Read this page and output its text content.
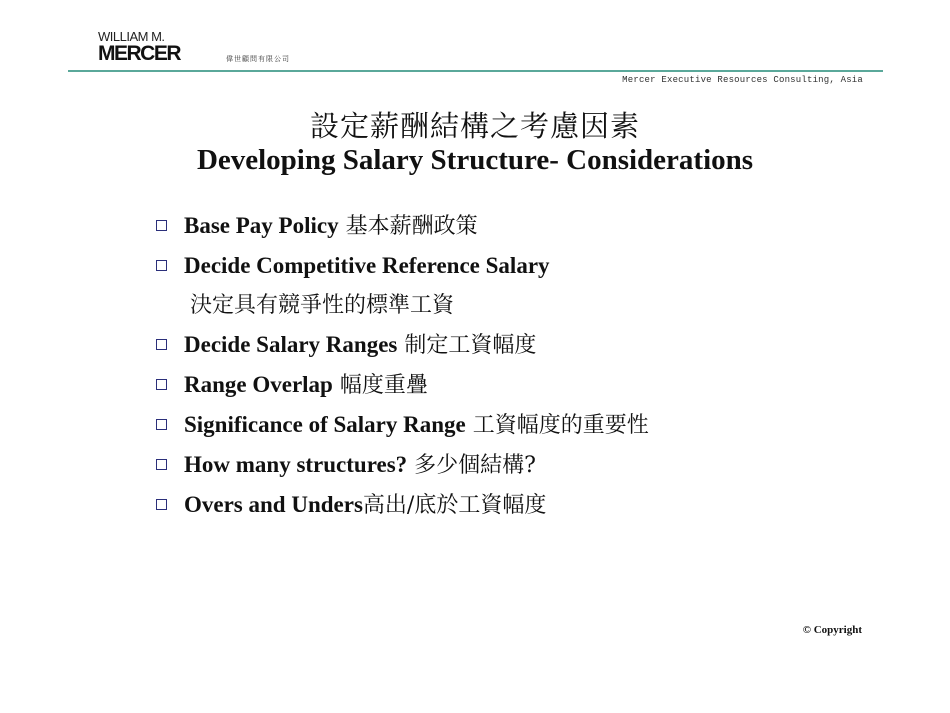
WILLIAM M.
MERCER	偉世顧問有限公司
Mercer Executive Resources Consulting, Asia
設定薪酬結構之考慮因素
Developing Salary Structure- Considerations
Base Pay Policy 基本薪酬政策
Decide Competitive Reference Salary
決定具有競爭性的標準工資
Decide Salary Ranges 制定工資幅度
Range Overlap 幅度重疊
Significance of Salary Range 工資幅度的重要性
How many structures? 多少個結構?
Overs and Unders高出/底於工資幅度
© Copyright
